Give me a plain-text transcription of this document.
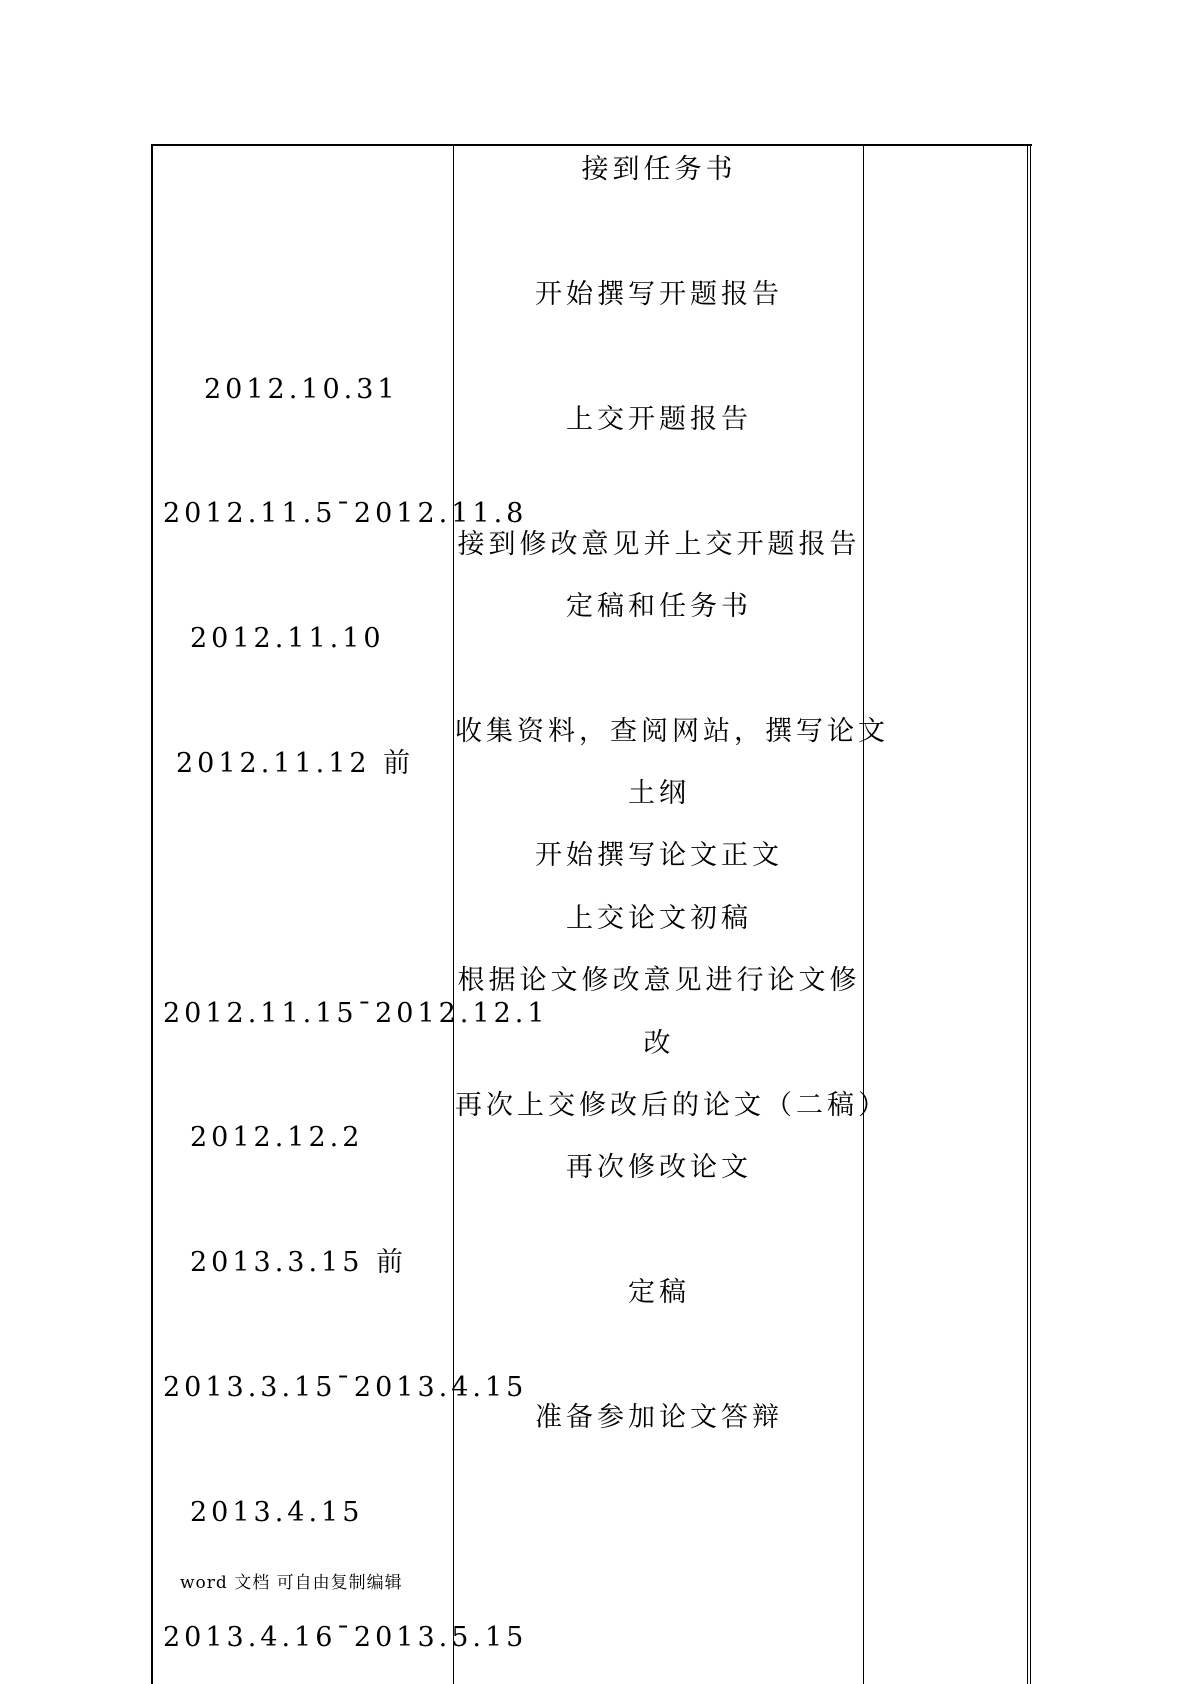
2012.10.31
2012.11.5¯2012.11.8
2012.11.10
2012.11.12 前
2012.11.15¯2012.12.1
2012.12.2
2013.3.15 前
2013.3.15¯2013.4.15
2013.4.15
2013.4.16¯2013.5.15
接到任务书
开始撰写开题报告
上交开题报告
接到修改意见并上交开题报告
定稿和任务书
收集资料，查阅网站，撰写论文
土纲
开始撰写论文正文
上交论文初稿
根据论文修改意见进行论文修
改
再次上交修改后的论文（二稿）
再次修改论文
定稿
准备参加论文答辩
word 文档 可自由复制编辑
